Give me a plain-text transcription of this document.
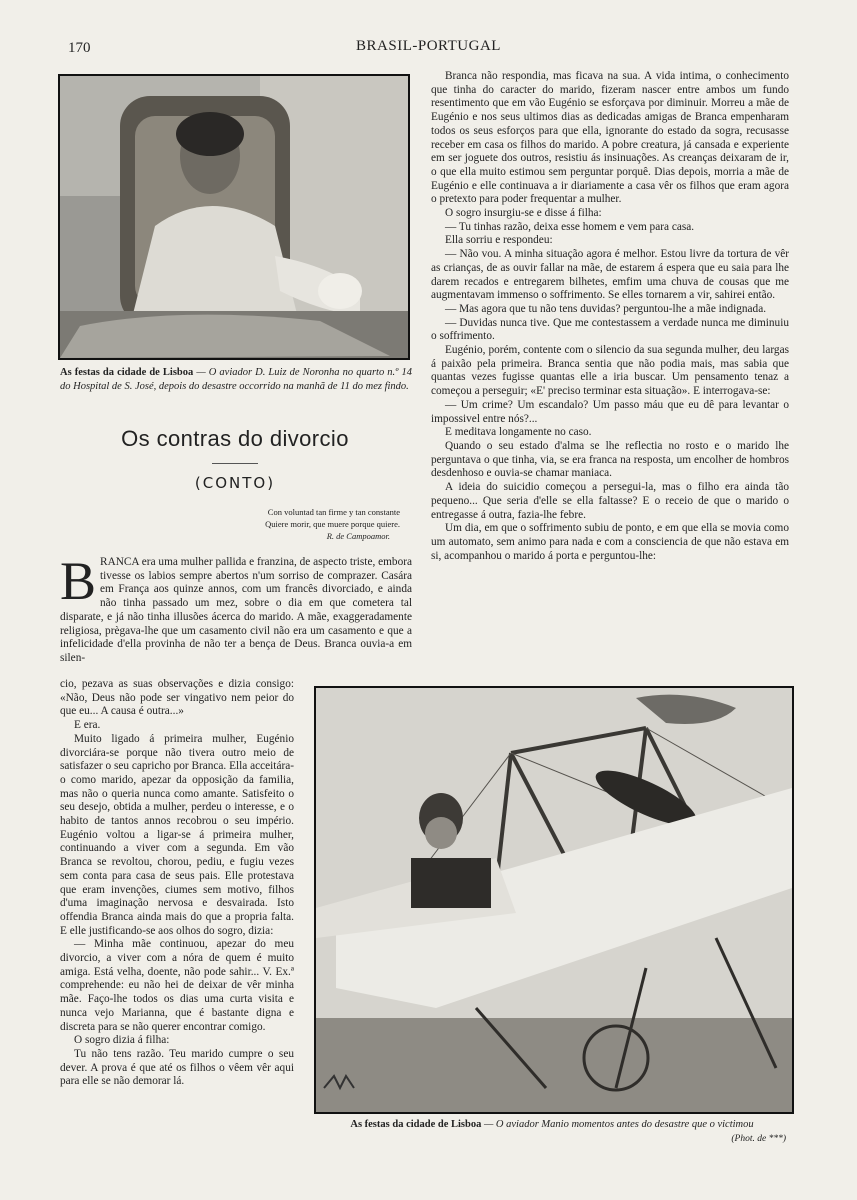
170	BRASIL-PORTUGAL
As festas da cidade de Lisboa — O aviador D. Luiz de Noronha no quarto n.º 14 do Hospital de S. José, depois do desastre occorrido na manhã de 11 do mez findo.
Os contras do divorcio
(CONTO)
Con voluntad tan firme y tan constante
Quiere morir, que muere porque quiere.
R. de Campoamor.

BRANCA era uma mulher pallida e franzina, de aspecto triste, embora tivesse os labios sempre abertos n'um sorriso de comprazer. Casára em França aos quinze annos, com um francês divorciado, e ainda não tinha passado um mez, sobre o dia em que cometera tal disparate, e já não tinha illusões ácerca do marido. A mãe, exaggeradamente religiosa, prègava-lhe que um casamento civil não era um casamento e que a infelicidade d'ella provinha de não ter a bença de Deus. Branca ouvia-a em silen-

cio, pezava as suas observações e dizia consigo: «Não, Deus não pode ser vingativo nem peior do que eu... A causa é outra...»

E era.

Muito ligado á primeira mulher, Eugénio divorciára-se porque não tivera outro meio de satisfazer o seu capricho por Branca. Ella acceitára-o como marido, apezar da opposição da familia, mas não o queria nunca como amante. Satisfeito o seu desejo, obtida a mulher, perdeu o interesse, e o habito de tantos annos recobrou o seu império. Eugénio voltou a ligar-se á primeira mulher, continuando a viver com a segunda. Em vão Branca se revoltou, chorou, pediu, e fugiu vezes sem conta para casa de seus pais. Elle protestava que eram invenções, ciumes sem motivo, filhos d'uma imaginação nervosa e desvairada. Isto offendia Branca ainda mais do que a propria falta. E elle justificando-se aos olhos do sogro, dizia:

— Minha mãe continuou, apezar do meu divorcio, a viver com a nóra de quem é muito amiga. Está velha, doente, não pode sahir... V. Ex.ª comprehende: eu não hei de deixar de vêr minha mãe. Faço-lhe todos os dias uma curta visita e nunca vejo Marianna, que é bastante digna e discreta para se não querer encontrar comigo.

O sogro dizia á filha:

Tu não tens razão. Teu marido cumpre o seu dever. A prova é que até os filhos o vêem vêr aqui para elle se não demorar lá.

Branca não respondia, mas ficava na sua. A vida intima, o conhecimento que tinha do caracter do marido, fizeram nascer entre ambos um fundo resentimento que em vão Eugénio se esforçava por diminuir. Morreu a mãe de Eugénio e nos seus ultimos dias as dedicadas amigas de Branca empenharam todos os seus esforços para que ella, ignorante do estado da sogra, recusasse receber em casa os filhos do marido. A pobre creatura, já cansada e experiente em ser joguete dos outros, resistiu ás insinuações. As creanças deixaram de ir, o que ella muito estimou sem perguntar porquê. Dias depois, morria a mãe de Eugénio e elle continuava a ir diariamente a casa vêr os filhos que eram agora o pretexto para poder frequentar a mulher.

O sogro insurgiu-se e disse á filha:

— Tu tinhas razão, deixa esse homem e vem para casa.

Ella sorriu e respondeu:

— Não vou. A minha situação agora é melhor. Estou livre da tortura de vêr as crianças, de as ouvir fallar na mãe, de estarem á espera que eu saia para lhe darem recados e entregarem bilhetes, emfim uma chuva de cousas que me augmentavam immenso o soffrimento. Se elles tornarem a vir, sahirei então.

— Mas agora que tu não tens duvidas? perguntou-lhe a mãe indignada.

— Duvidas nunca tive. Que me contestassem a verdade nunca me diminuiu o soffrimento.

Eugénio, porém, contente com o silencio da sua segunda mulher, deu largas á paixão pela primeira. Branca sentia que não podia mais, mas sabia que quantas vezes fugisse quantas elle a iria buscar. Um pensamento tenaz a começou a perseguir; «E' preciso terminar esta situação». E interrogava-se:

— Um crime? Um escandalo? Um passo máu que eu dê para levantar o impossivel entre nós?...

E meditava longamente no caso.

Quando o seu estado d'alma se lhe reflectia no rosto e o marido lhe perguntava o que tinha, via, se era franca na resposta, um encolher de hombros desdenhoso e ouvia-se chamar maniaca.

A ideia do suicidio começou a persegui-la, mas o filho era ainda tão pequeno... Que seria d'elle se ella faltasse? E o receio de que o marido o entregasse á outra, fazia-lhe febre.

Um dia, em que o soffrimento subiu de ponto, e em que ella se movia como um automato, sem animo para nada e com a consciencia de que não estava em si, acompanhou o marido á porta e perguntou-lhe:

As festas da cidade de Lisboa — O aviador Manio momentos antes do desastre que o victimou
(Phot. de ***)
